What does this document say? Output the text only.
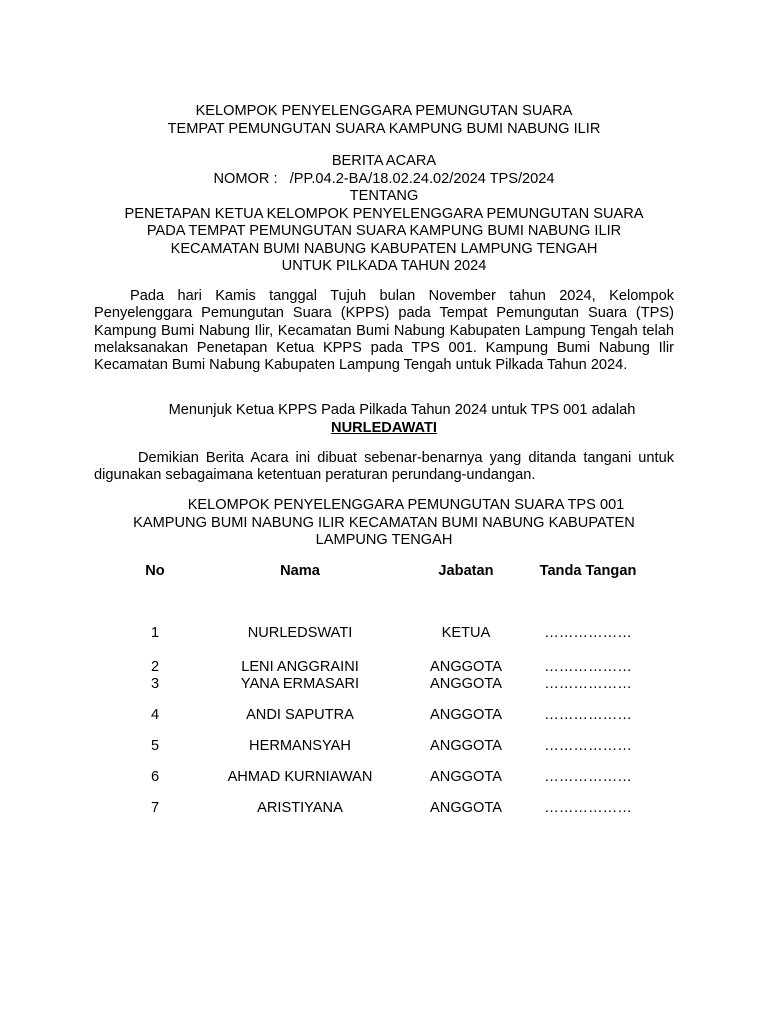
KELOMPOK PENYELENGGARA PEMUNGUTAN SUARA
TEMPAT PEMUNGUTAN SUARA KAMPUNG BUMI NABUNG ILIR
BERITA ACARA
NOMOR :   /PP.04.2-BA/18.02.24.02/2024 TPS/2024
TENTANG
PENETAPAN KETUA KELOMPOK PENYELENGGARA PEMUNGUTAN SUARA
PADA TEMPAT PEMUNGUTAN SUARA KAMPUNG BUMI NABUNG ILIR
KECAMATAN BUMI NABUNG KABUPATEN LAMPUNG TENGAH
UNTUK PILKADA TAHUN 2024
Pada hari Kamis tanggal Tujuh bulan November tahun 2024, Kelompok Penyelenggara Pemungutan Suara (KPPS) pada Tempat Pemungutan Suara (TPS) Kampung Bumi Nabung Ilir, Kecamatan Bumi Nabung Kabupaten Lampung Tengah telah melaksanakan Penetapan Ketua KPPS pada TPS 001. Kampung Bumi Nabung Ilir Kecamatan Bumi Nabung Kabupaten Lampung Tengah untuk Pilkada Tahun 2024.
Menunjuk Ketua KPPS Pada Pilkada Tahun 2024 untuk TPS 001 adalah
NURLEDAWATI
Demikian Berita Acara ini dibuat sebenar-benarnya yang ditanda tangani untuk digunakan sebagaimana ketentuan peraturan perundang-undangan.
KELOMPOK PENYELENGGARA PEMUNGUTAN SUARA TPS 001
KAMPUNG BUMI NABUNG ILIR KECAMATAN BUMI NABUNG KABUPATEN
LAMPUNG TENGAH
No	Nama	Jabatan	Tanda Tangan
1	NURLEDSWATI	KETUA	………………
2	LENI ANGGRAINI	ANGGOTA	………………
3	YANA ERMASARI	ANGGOTA	………………
4	ANDI SAPUTRA	ANGGOTA	………………
5	HERMANSYAH	ANGGOTA	………………
6	AHMAD KURNIAWAN	ANGGOTA	………………
7	ARISTIYANA	ANGGOTA	………………
